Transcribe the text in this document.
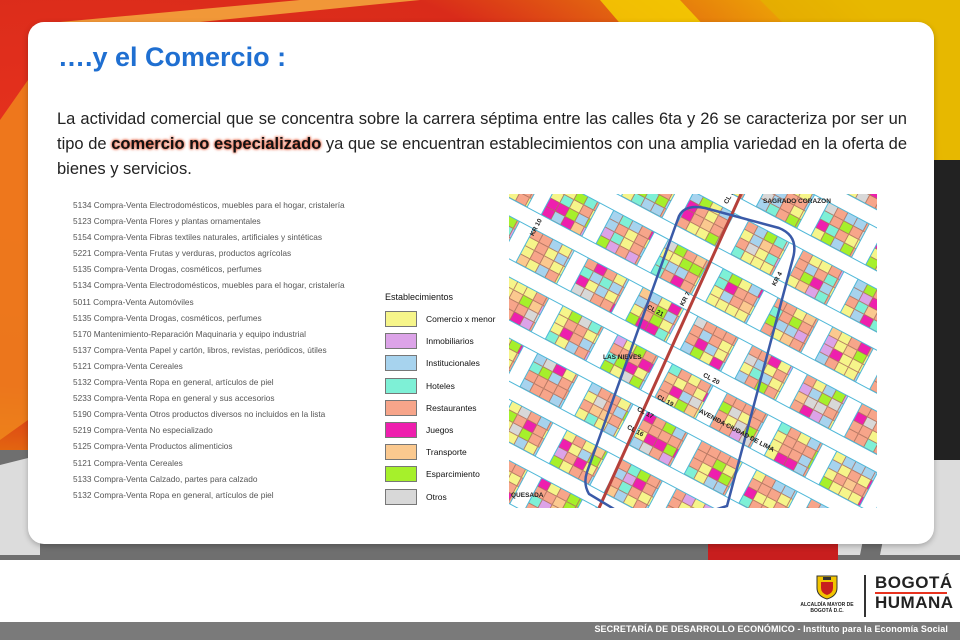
SECRETARÍA DE DESARROLLO ECONÓMICO - Instituto para la Economía Social
ALCALDÍA MAYOR DE BOGOTÁ D.C.
BOGOTÁ
HUMANA
….y el Comercio :

La actividad comercial que se concentra sobre la carrera séptima entre las calles 6ta y 26 se caracteriza por ser un tipo de comercio no especializado ya que se encuentran establecimientos con una amplia variedad en la oferta de bienes y servicios.

5134 Compra-Venta Electrodomésticos, muebles para el hogar, cristalería
5123 Compra-Venta Flores y plantas ornamentales
5154 Compra-Venta Fibras textiles naturales, artificiales y sintéticas
5221 Compra-Venta Frutas y verduras, productos agrícolas
5135 Compra-Venta Drogas, cosméticos, perfumes
5134 Compra-Venta Electrodomésticos, muebles para el hogar, cristalería
5011 Compra-Venta Automóviles
5135 Compra-Venta Drogas, cosméticos, perfumes
5170 Mantenimiento-Reparación Maquinaria y equipo industrial
5137 Compra-Venta Papel y cartón, libros, revistas, periódicos, útiles
5121 Compra-Venta Cereales
5132 Compra-Venta Ropa en general, artículos de piel
5233 Compra-Venta Ropa en general y sus accesorios
5190 Compra-Venta Otros productos diversos no incluidos en la lista
5219 Compra-Venta No especializado
5125 Compra-Venta Productos alimenticios
5121 Compra-Venta Cereales
5133 Compra-Venta Calzado, partes para calzado
5132 Compra-Venta Ropa en general, artículos de piel
Establecimientos
Comercio x menor
Inmobiliarios
Institucionales
Hoteles
Restaurantes
Juegos
Transporte
Esparcimiento
Otros
SAGRADO CORAZON
LAS NIEVES
AVENIDA CIUDAD DE LIMA
QUESADA
CL 19
CL 20
CL 21
CL 24
KR 7
KR 4
CL 16
CL 17
KR 10
